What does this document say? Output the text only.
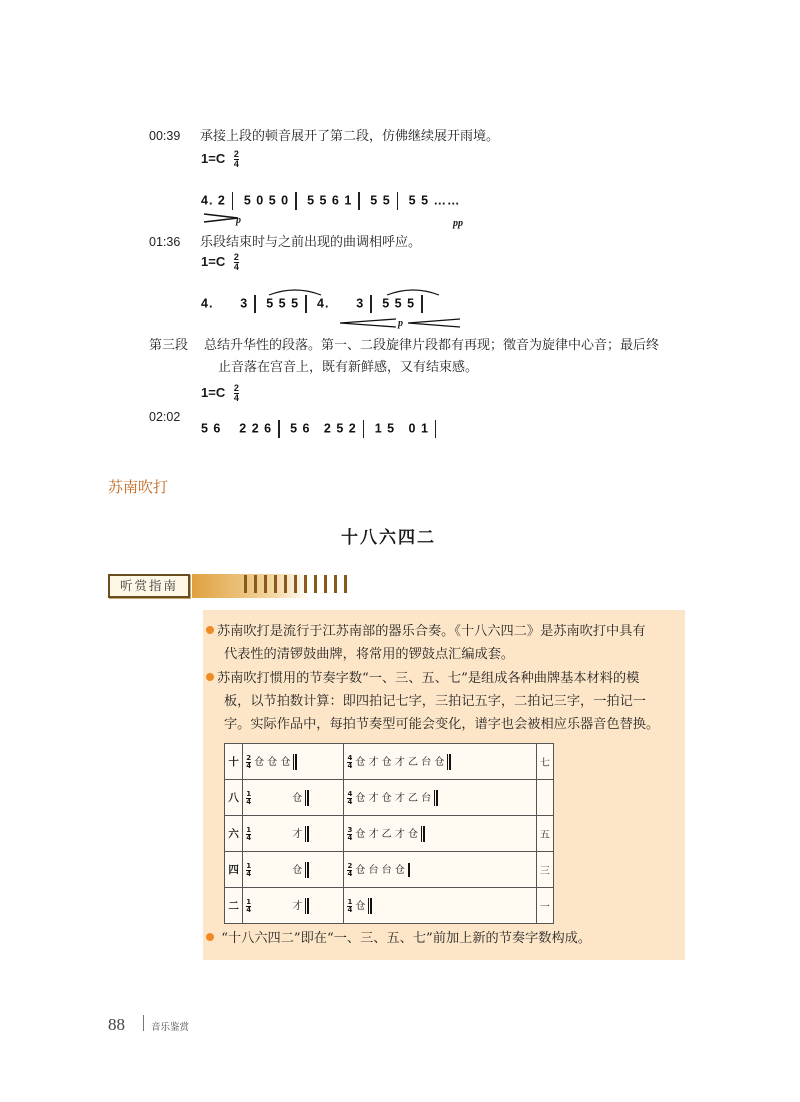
00:39 承接上段的顿音展开了第二段，仿佛继续展开雨境。
$1=C \frac{2}{4}$
4. 2 5 0 5 0 5 5 6 1 5 5 5 5 ……
p	pp
01:36 乐段结束时与之前出现的曲调相呼应。
$1=C \frac{2}{4}$
4. 3 5 5 5 4. 3 5 5 5
p
第三段 总结升华性的段落。第一、二段旋律片段都有再现；徵音为旋律中心音；最后终
止音落在宫音上，既有新鲜感，又有结束感。
$1=C \frac{2}{4}$
02:02
5 6 2 2 6 5 6 2 5 2 1 5 0 1
苏南吹打
十八六四二
听赏指南
苏南吹打是流行于江苏南部的器乐合奏。《十八六四二》是苏南吹打中具有
代表性的清锣鼓曲牌，将常用的锣鼓点汇编成套。
苏南吹打惯用的节奏字数“一、三、五、七”是组成各种曲牌基本材料的模
板，以节拍数计算：即四拍记七字，三拍记五字，二拍记三字，一拍记一
字。实际作品中，每拍节奏型可能会变化，谱字也会被相应乐器音色替换。
十	$\frac{2}{4}$ 仓 仓 仓	$\frac{4}{4}$ 仓 才 仓 才 乙 台 仓	七
八	$\frac{1}{4}$ 仓	$\frac{4}{4}$ 仓 才 仓 才 乙 台	
六	$\frac{1}{4}$ 才	$\frac{3}{4}$ 仓 才 乙 才 仓	五
四	$\frac{1}{4}$ 仓	$\frac{2}{4}$ 仓 台 台 仓	三
二	$\frac{1}{4}$ 才	$\frac{1}{4}$ 仓	一
“十八六四二”即在“一、三、五、七”前加上新的节奏字数构成。
88	音乐鉴赏
